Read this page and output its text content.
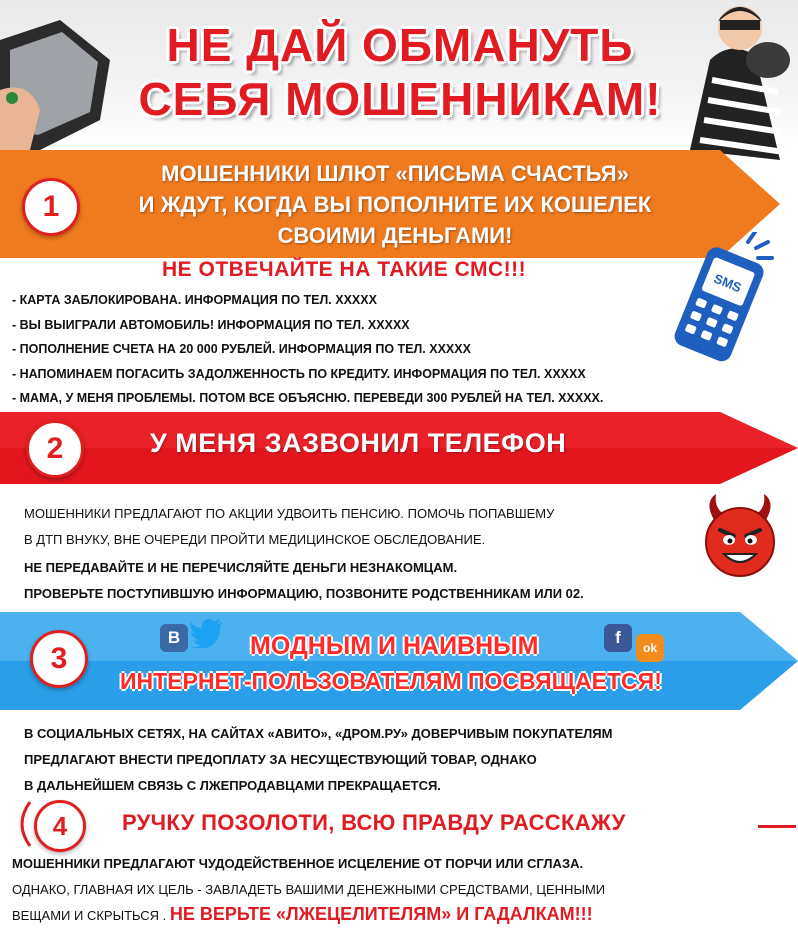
НЕ ДАЙ ОБМАНУТЬ
СЕБЯ МОШЕННИКАМ!
1
МОШЕННИКИ ШЛЮТ «ПИСЬМА СЧАСТЬЯ»
И ЖДУТ, КОГДА ВЫ ПОПОЛНИТЕ ИХ КОШЕЛЕК
СВОИМИ ДЕНЬГАМИ!
НЕ ОТВЕЧАЙТЕ НА ТАКИЕ СМС!!!
- КАРТА ЗАБЛОКИРОВАНА. ИНФОРМАЦИЯ ПО ТЕЛ. ХХХХХ
- ВЫ ВЫИГРАЛИ АВТОМОБИЛЬ! ИНФОРМАЦИЯ ПО ТЕЛ. ХХХХХ
- ПОПОЛНЕНИЕ СЧЕТА НА 20 000 РУБЛЕЙ. ИНФОРМАЦИЯ ПО ТЕЛ. ХХХХХ
- НАПОМИНАЕМ ПОГАСИТЬ ЗАДОЛЖЕННОСТЬ ПО КРЕДИТУ. ИНФОРМАЦИЯ ПО ТЕЛ. ХХХХХ
- МАМА, У МЕНЯ ПРОБЛЕМЫ. ПОТОМ ВСЕ ОБЪЯСНЮ. ПЕРЕВЕДИ 300 РУБЛЕЙ НА ТЕЛ. ХХХХХ.
SMS
2	У МЕНЯ ЗАЗВОНИЛ ТЕЛЕФОН
МОШЕННИКИ ПРЕДЛАГАЮТ ПО АКЦИИ УДВОИТЬ ПЕНСИЮ. ПОМОЧЬ ПОПАВШЕМУ
В ДТП ВНУКУ, ВНЕ ОЧЕРЕДИ ПРОЙТИ МЕДИЦИНСКОЕ ОБСЛЕДОВАНИЕ.
НЕ ПЕРЕДАВАЙТЕ И НЕ ПЕРЕЧИСЛЯЙТЕ ДЕНЬГИ НЕЗНАКОМЦАМ.
ПРОВЕРЬТЕ ПОСТУПИВШУЮ ИНФОРМАЦИЮ, ПОЗВОНИТЕ РОДСТВЕННИКАМ ИЛИ 02.
3
В	f
ok
МОДНЫМ И НАИВНЫМ
ИНТЕРНЕТ-ПОЛЬЗОВАТЕЛЯМ ПОСВЯЩАЕТСЯ!
В СОЦИАЛЬНЫХ СЕТЯХ, НА САЙТАХ «АВИТО», «ДРОМ.РУ» ДОВЕРЧИВЫМ ПОКУПАТЕЛЯМ
ПРЕДЛАГАЮТ ВНЕСТИ ПРЕДОПЛАТУ ЗА НЕСУЩЕСТВУЮЩИЙ ТОВАР, ОДНАКО
В ДАЛЬНЕЙШЕМ СВЯЗЬ С ЛЖЕПРОДАВЦАМИ ПРЕКРАЩАЕТСЯ.
4	РУЧКУ ПОЗОЛОТИ, ВСЮ ПРАВДУ РАССКАЖУ
МОШЕННИКИ ПРЕДЛАГАЮТ ЧУДОДЕЙСТВЕННОЕ ИСЦЕЛЕНИЕ ОТ ПОРЧИ ИЛИ СГЛАЗА.
ОДНАКО, ГЛАВНАЯ ИХ ЦЕЛЬ - ЗАВЛАДЕТЬ ВАШИМИ ДЕНЕЖНЫМИ СРЕДСТВАМИ, ЦЕННЫМИ
ВЕЩАМИ И СКРЫТЬСЯ . НЕ ВЕРЬТЕ «ЛЖЕЦЕЛИТЕЛЯМ» И ГАДАЛКАМ!!!
